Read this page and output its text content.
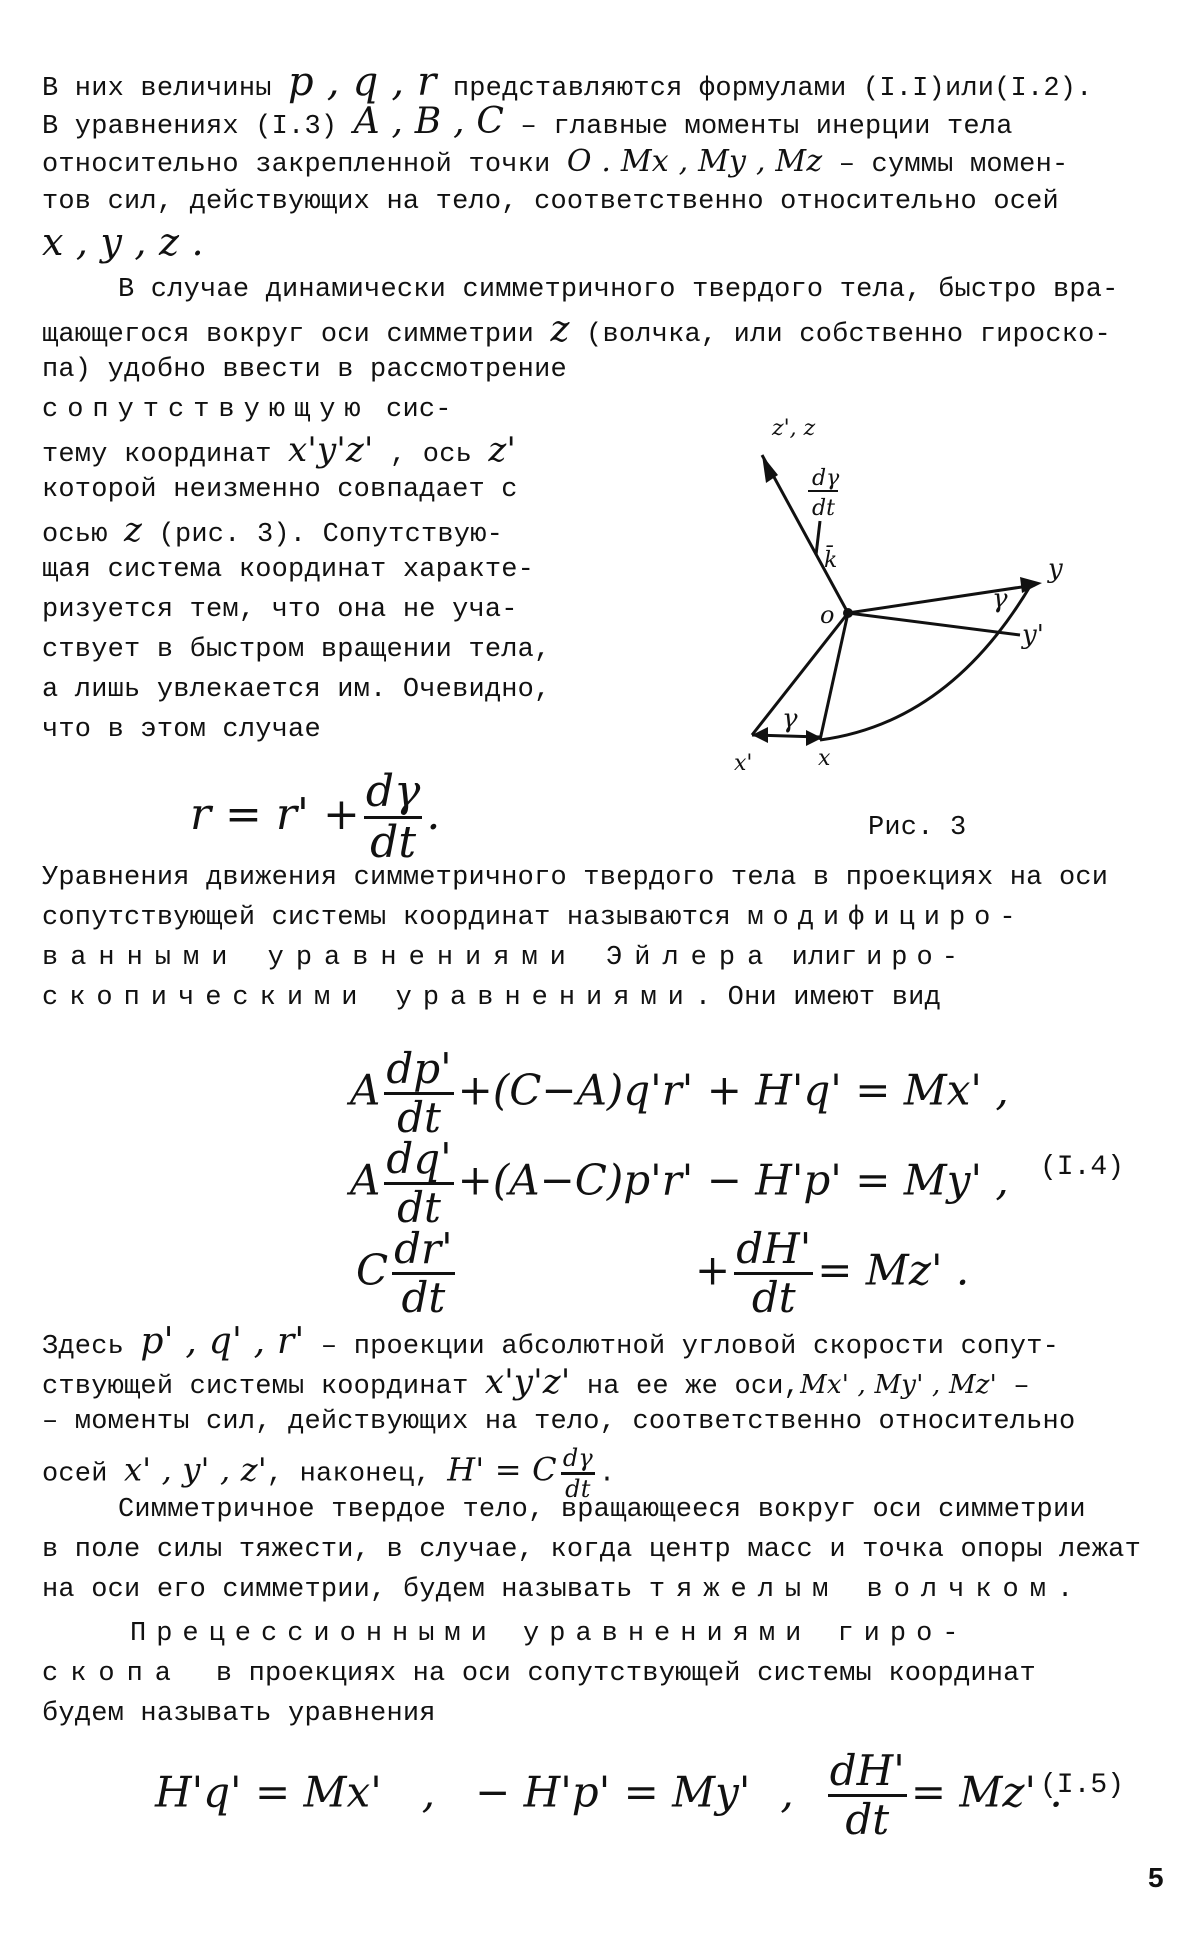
В них величины p , q , r представляются формулами (I.I)или(I.2).
В уравнениях (I.3) A , B , C – главные моменты инерции тела
относительно закрепленной точки O . Mx , My , Mz – суммы момен-
тов сил, действующих на тело, соответственно относительно осей
x , y , z .
В случае динамически симметричного твердого тела, быстро вра-
щающегося вокруг оси симметрии z (волчка, или собственно гироско-
па) удобно ввести в рассмотрение
сопутствующую сис-
тему координат x'y'z' , ось z'
которой неизменно совпадает с
осью z (рис. 3). Сопутствую-
щая система координат характе-
ризуется тем, что она не уча-
ствует в быстром вращении тела,
а лишь увлекается им. Очевидно,
что в этом случае
$r = r' + \frac{d\gamma}{dt}$ .
z', z
dγ
dt
k̄
o
y
γ
y'
γ
x'	x
Рис. 3
Уравнения движения симметричного твердого тела в проекциях на оси
сопутствующей системы координат называются модифициро-
ванными уравнениями Эйлера илигиро-
скопическими уравнениями. Они имеют вид
A $\frac{dp'}{dt} +(C-A)q'r' + H'q' = Mx'$ ,
A $\frac{dq'}{dt} +(A-C)p'r' - H'p' = My'$ ,
C $\frac{dr'}{dt}$	+ $\frac{dH'}{dt} = Mz'$ .
(I.4)
Здесь p' , q' , r' – проекции абсолютной угловой скорости сопут-
ствующей системы координат x'y'z' на ее же оси,Mx' , My' , Mz' –
– моменты сил, действующих на тело, соответственно относительно
осей x' , y' , z', наконец, H' = C $\frac{d\gamma}{dt}$ .
Симметричное твердое тело, вращающееся вокруг оси симметрии
в поле силы тяжести, в случае, когда центр масс и точка опоры лежат
на оси его симметрии, будем называть тяжелым волчком.
Прецессионными уравнениями гиро-
скопа  в проекциях на оси сопутствующей системы координат
будем называть уравнения
H'q' = Mx' , − H'p' = My' , $\frac{dH'}{dt} = Mz'$ .
(I.5)
5
